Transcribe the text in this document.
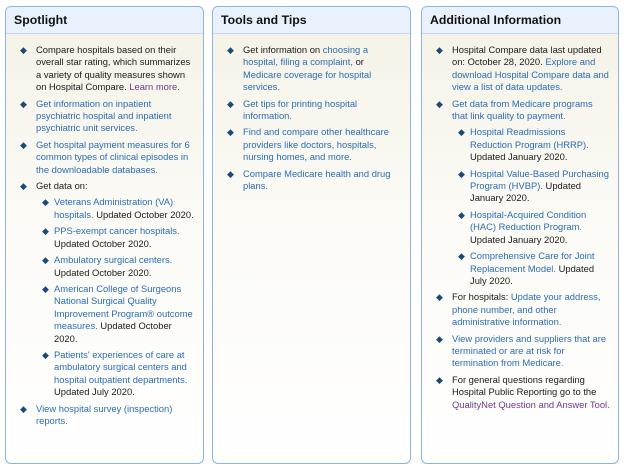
Spotlight
◆ Compare hospitals based on their overall star rating, which summarizes a variety of quality measures shown on Hospital Compare. Learn more.
◆ Get information on inpatient psychiatric hospital and inpatient psychiatric unit services.
◆ Get hospital payment measures for 6 common types of clinical episodes in the downloadable databases.
◆ Get data on:
◆ Veterans Administration (VA) hospitals. Updated October 2020.
◆ PPS-exempt cancer hospitals. Updated October 2020.
◆ Ambulatory surgical centers. Updated October 2020.
◆ American College of Surgeons National Surgical Quality Improvement Program® outcome measures. Updated October 2020.
◆ Patients' experiences of care at ambulatory surgical centers and hospital outpatient departments. Updated July 2020.
◆ View hospital survey (inspection) reports.
Tools and Tips
◆ Get information on choosing a hospital, filing a complaint, or Medicare coverage for hospital services.
◆ Get tips for printing hospital information.
◆ Find and compare other healthcare providers like doctors, hospitals, nursing homes, and more.
◆ Compare Medicare health and drug plans.
Additional Information
◆ Hospital Compare data last updated on: October 28, 2020. Explore and download Hospital Compare data and view a list of data updates.
◆ Get data from Medicare programs that link quality to payment.
◆ Hospital Readmissions Reduction Program (HRRP). Updated January 2020.
◆ Hospital Value-Based Purchasing Program (HVBP). Updated January 2020.
◆ Hospital-Acquired Condition (HAC) Reduction Program. Updated January 2020.
◆ Comprehensive Care for Joint Replacement Model. Updated July 2020.
◆ For hospitals: Update your address, phone number, and other administrative information.
◆ View providers and suppliers that are terminated or are at risk for termination from Medicare.
◆ For general questions regarding Hospital Public Reporting go to the QualityNet Question and Answer Tool.
